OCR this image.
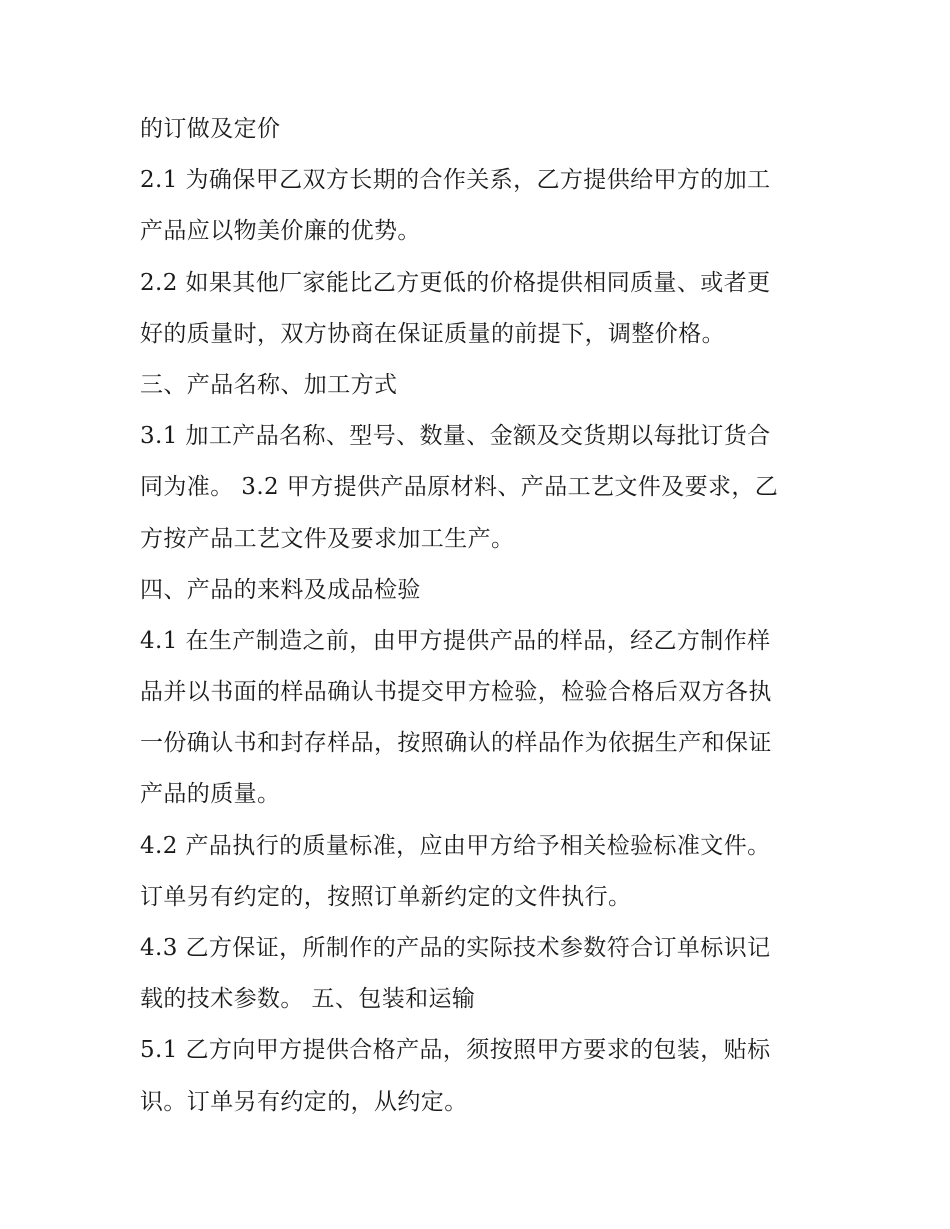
的订做及定价
2.1 为确保甲乙双方长期的合作关系，乙方提供给甲方的加工
产品应以物美价廉的优势。
2.2 如果其他厂家能比乙方更低的价格提供相同质量、或者更
好的质量时，双方协商在保证质量的前提下，调整价格。
三、产品名称、加工方式
3.1 加工产品名称、型号、数量、金额及交货期以每批订货合
同为准。 3.2 甲方提供产品原材料、产品工艺文件及要求，乙
方按产品工艺文件及要求加工生产。
四、产品的来料及成品检验
4.1 在生产制造之前，由甲方提供产品的样品，经乙方制作样
品并以书面的样品确认书提交甲方检验，检验合格后双方各执
一份确认书和封存样品，按照确认的样品作为依据生产和保证
产品的质量。
4.2 产品执行的质量标准，应由甲方给予相关检验标准文件。
订单另有约定的，按照订单新约定的文件执行。
4.3 乙方保证，所制作的产品的实际技术参数符合订单标识记
载的技术参数。 五、包装和运输
5.1 乙方向甲方提供合格产品，须按照甲方要求的包装，贴标
识。订单另有约定的，从约定。
